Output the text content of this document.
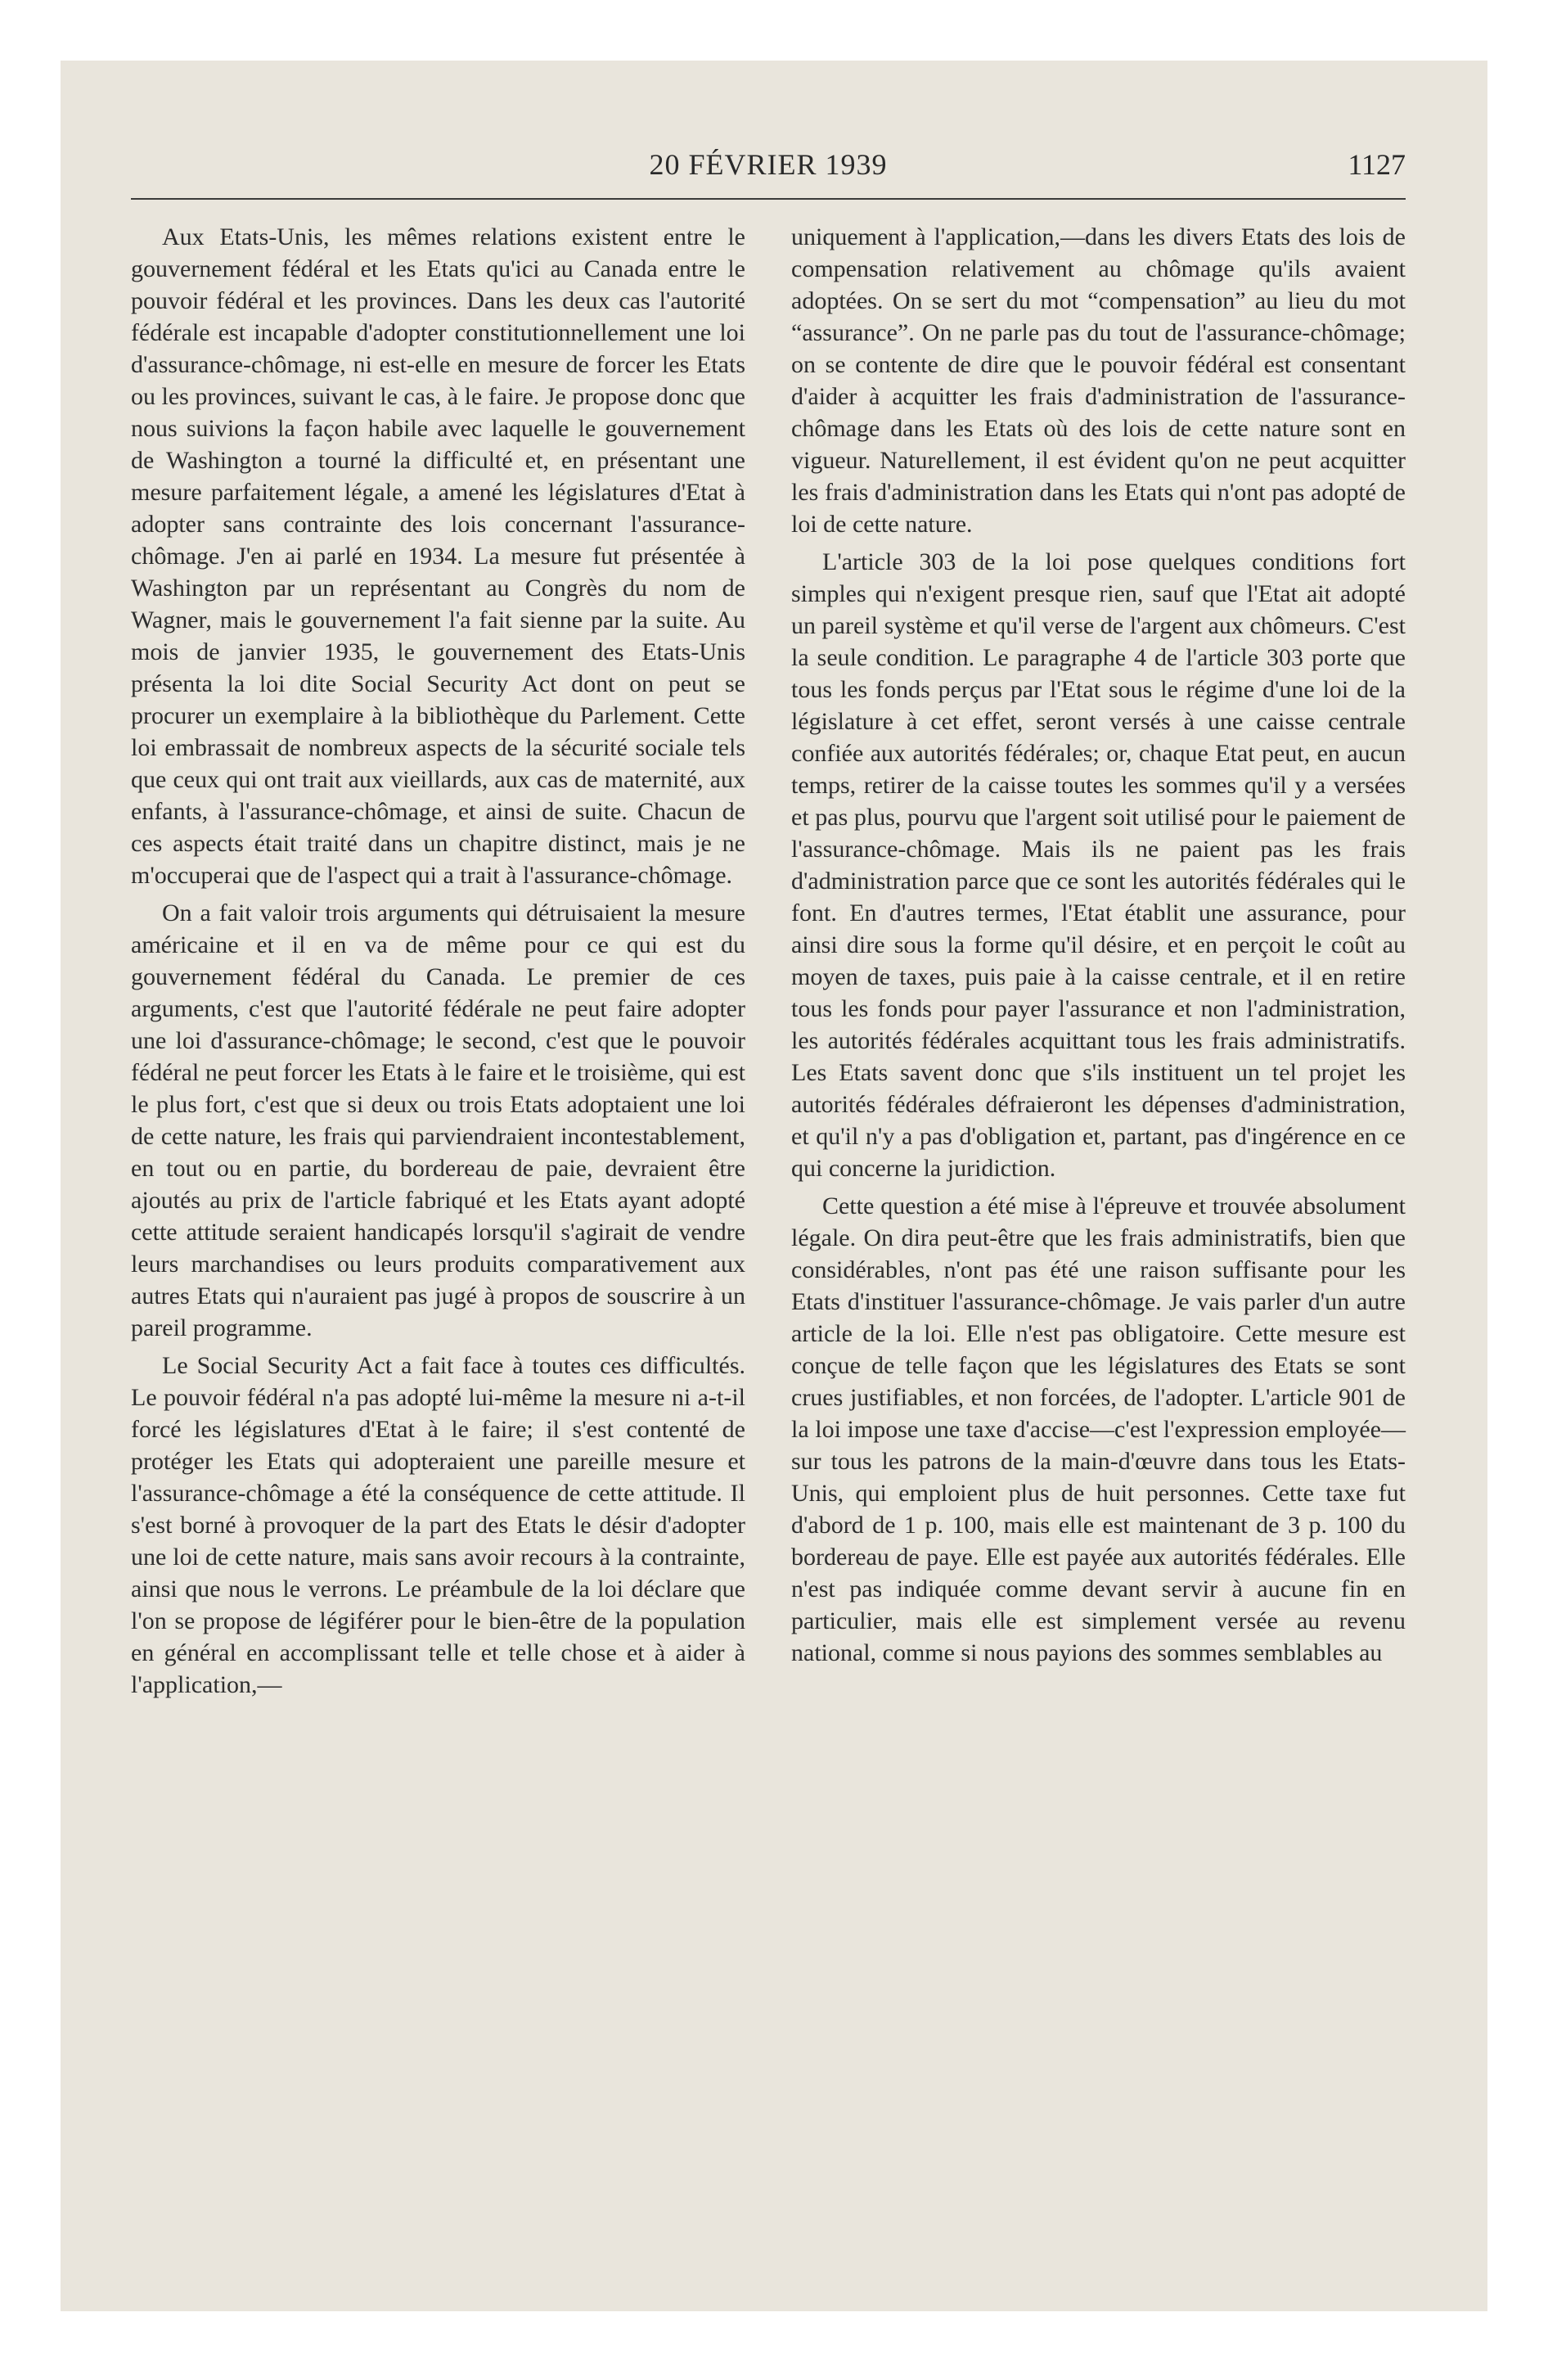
20 FÉVRIER 1939	1127

Aux Etats-Unis, les mêmes relations existent entre le gouvernement fédéral et les Etats qu'ici au Canada entre le pouvoir fédéral et les provinces. Dans les deux cas l'autorité fédérale est incapable d'adopter constitutionnellement une loi d'assurance-chômage, ni est-elle en mesure de forcer les Etats ou les provinces, suivant le cas, à le faire. Je propose donc que nous suivions la façon habile avec laquelle le gouvernement de Washington a tourné la difficulté et, en présentant une mesure parfaitement légale, a amené les législatures d'Etat à adopter sans contrainte des lois concernant l'assurance-chômage. J'en ai parlé en 1934. La mesure fut présentée à Washington par un représentant au Congrès du nom de Wagner, mais le gouvernement l'a fait sienne par la suite. Au mois de janvier 1935, le gouvernement des Etats-Unis présenta la loi dite Social Security Act dont on peut se procurer un exemplaire à la bibliothèque du Parlement. Cette loi embrassait de nombreux aspects de la sécurité sociale tels que ceux qui ont trait aux vieillards, aux cas de maternité, aux enfants, à l'assurance-chômage, et ainsi de suite. Chacun de ces aspects était traité dans un chapitre distinct, mais je ne m'occuperai que de l'aspect qui a trait à l'assurance-chômage.

On a fait valoir trois arguments qui détruisaient la mesure américaine et il en va de même pour ce qui est du gouvernement fédéral du Canada. Le premier de ces arguments, c'est que l'autorité fédérale ne peut faire adopter une loi d'assurance-chômage; le second, c'est que le pouvoir fédéral ne peut forcer les Etats à le faire et le troisième, qui est le plus fort, c'est que si deux ou trois Etats adoptaient une loi de cette nature, les frais qui parviendraient incontestablement, en tout ou en partie, du bordereau de paie, devraient être ajoutés au prix de l'article fabriqué et les Etats ayant adopté cette attitude seraient handicapés lorsqu'il s'agirait de vendre leurs marchandises ou leurs produits comparativement aux autres Etats qui n'auraient pas jugé à propos de souscrire à un pareil programme.

Le Social Security Act a fait face à toutes ces difficultés. Le pouvoir fédéral n'a pas adopté lui-même la mesure ni a-t-il forcé les législatures d'Etat à le faire; il s'est contenté de protéger les Etats qui adopteraient une pareille mesure et l'assurance-chômage a été la conséquence de cette attitude. Il s'est borné à provoquer de la part des Etats le désir d'adopter une loi de cette nature, mais sans avoir recours à la contrainte, ainsi que nous le verrons. Le préambule de la loi déclare que l'on se propose de légiférer pour le bien-être de la population en général en accomplissant telle et telle chose et à aider à l'application,—

uniquement à l'application,—dans les divers Etats des lois de compensation relativement au chômage qu'ils avaient adoptées. On se sert du mot “compensation” au lieu du mot “assurance”. On ne parle pas du tout de l'assurance-chômage; on se contente de dire que le pouvoir fédéral est consentant d'aider à acquitter les frais d'administration de l'assurance-chômage dans les Etats où des lois de cette nature sont en vigueur. Naturellement, il est évident qu'on ne peut acquitter les frais d'administration dans les Etats qui n'ont pas adopté de loi de cette nature.

L'article 303 de la loi pose quelques conditions fort simples qui n'exigent presque rien, sauf que l'Etat ait adopté un pareil système et qu'il verse de l'argent aux chômeurs. C'est la seule condition. Le paragraphe 4 de l'article 303 porte que tous les fonds perçus par l'Etat sous le régime d'une loi de la législature à cet effet, seront versés à une caisse centrale confiée aux autorités fédérales; or, chaque Etat peut, en aucun temps, retirer de la caisse toutes les sommes qu'il y a versées et pas plus, pourvu que l'argent soit utilisé pour le paiement de l'assurance-chômage. Mais ils ne paient pas les frais d'administration parce que ce sont les autorités fédérales qui le font. En d'autres termes, l'Etat établit une assurance, pour ainsi dire sous la forme qu'il désire, et en perçoit le coût au moyen de taxes, puis paie à la caisse centrale, et il en retire tous les fonds pour payer l'assurance et non l'administration, les autorités fédérales acquittant tous les frais administratifs. Les Etats savent donc que s'ils instituent un tel projet les autorités fédérales défraieront les dépenses d'administration, et qu'il n'y a pas d'obligation et, partant, pas d'ingérence en ce qui concerne la juridiction.

Cette question a été mise à l'épreuve et trouvée absolument légale. On dira peut-être que les frais administratifs, bien que considérables, n'ont pas été une raison suffisante pour les Etats d'instituer l'assurance-chômage. Je vais parler d'un autre article de la loi. Elle n'est pas obligatoire. Cette mesure est conçue de telle façon que les législatures des Etats se sont crues justifiables, et non forcées, de l'adopter. L'article 901 de la loi impose une taxe d'accise—c'est l'expression employée—sur tous les patrons de la main-d'œuvre dans tous les Etats-Unis, qui emploient plus de huit personnes. Cette taxe fut d'abord de 1 p. 100, mais elle est maintenant de 3 p. 100 du bordereau de paye. Elle est payée aux autorités fédérales. Elle n'est pas indiquée comme devant servir à aucune fin en particulier, mais elle est simplement versée au revenu national, comme si nous payions des sommes semblables au
